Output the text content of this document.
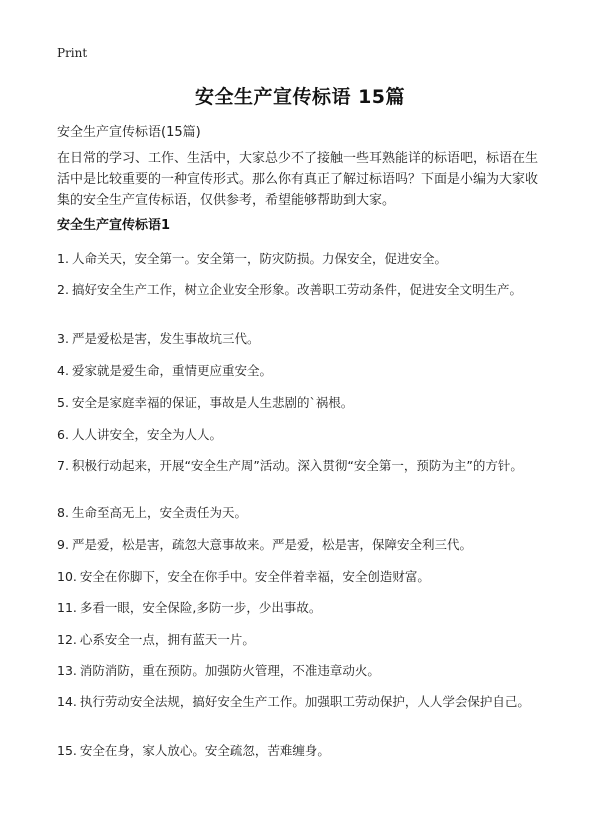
Print
安全生产宣传标语 15篇
安全生产宣传标语(15篇)
在日常的学习、工作、生活中，大家总少不了接触一些耳熟能详的标语吧，标语在生活中是比较重要的一种宣传形式。那么你有真正了解过标语吗？下面是小编为大家收集的安全生产宣传标语，仅供参考，希望能够帮助到大家。
安全生产宣传标语1

1. 人命关天，安全第一。安全第一，防灾防损。力保安全，促进安全。

2. 搞好安全生产工作，树立企业安全形象。改善职工劳动条件，促进安全文明生产。

3. 严是爱松是害，发生事故坑三代。

4. 爱家就是爱生命，重情更应重安全。

5. 安全是家庭幸福的保证，事故是人生悲剧的`祸根。

6. 人人讲安全，安全为人人。

7. 积极行动起来，开展“安全生产周”活动。深入贯彻“安全第一，预防为主”的方针。

8. 生命至高无上，安全责任为天。

9. 严是爱，松是害，疏忽大意事故来。严是爱，松是害，保障安全利三代。

10. 安全在你脚下，安全在你手中。安全伴着幸福，安全创造财富。

11. 多看一眼，安全保险,多防一步，少出事故。

12. 心系安全一点，拥有蓝天一片。

13. 消防消防，重在预防。加强防火管理，不准违章动火。

14. 执行劳动安全法规，搞好安全生产工作。加强职工劳动保护，人人学会保护自己。

15. 安全在身，家人放心。安全疏忽，苦难缠身。
